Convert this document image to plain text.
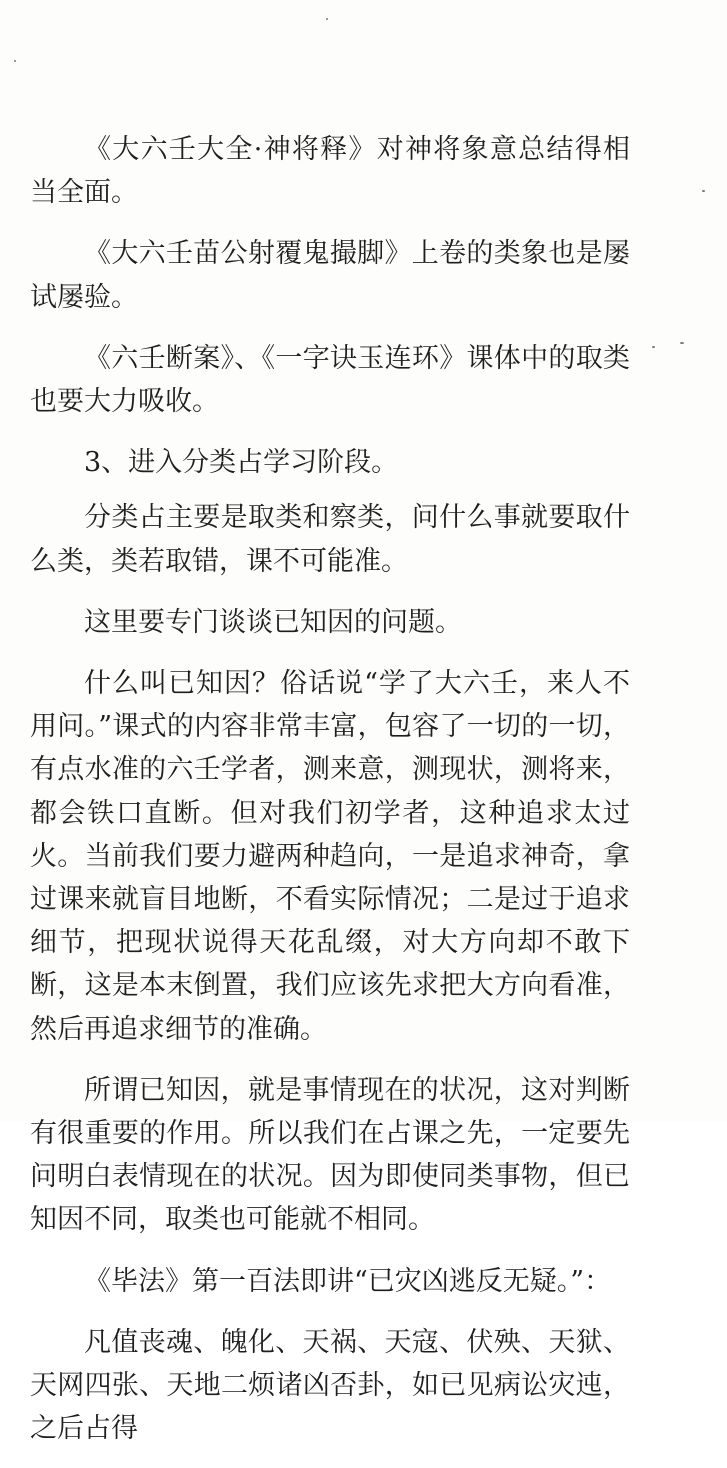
《大六壬大全·神将释》对神将象意总结得相当全面。

《大六壬苗公射覆鬼撮脚》上卷的类象也是屡试屡验。

《六壬断案》、《一字诀玉连环》课体中的取类也要大力吸收。

3、进入分类占学习阶段。

分类占主要是取类和察类，问什么事就要取什么类，类若取错，课不可能准。

这里要专门谈谈已知因的问题。

什么叫已知因？俗话说“学了大六壬，来人不用问。”课式的内容非常丰富，包容了一切的一切，有点水准的六壬学者，测来意，测现状，测将来，都会铁口直断。但对我们初学者，这种追求太过火。当前我们要力避两种趋向，一是追求神奇，拿过课来就盲目地断，不看实际情况；二是过于追求细节，把现状说得天花乱缀，对大方向却不敢下断，这是本末倒置，我们应该先求把大方向看准，然后再追求细节的准确。

所谓已知因，就是事情现在的状况，这对判断有很重要的作用。所以我们在占课之先，一定要先问明白表情现在的状况。因为即使同类事物，但已知因不同，取类也可能就不相同。

《毕法》第一百法即讲“已灾凶逃反无疑。”：

凡值丧魂、魄化、天祸、天寇、伏殃、天狱、天网四张、天地二烦诸凶否卦，如已见病讼灾迍，之后占得
